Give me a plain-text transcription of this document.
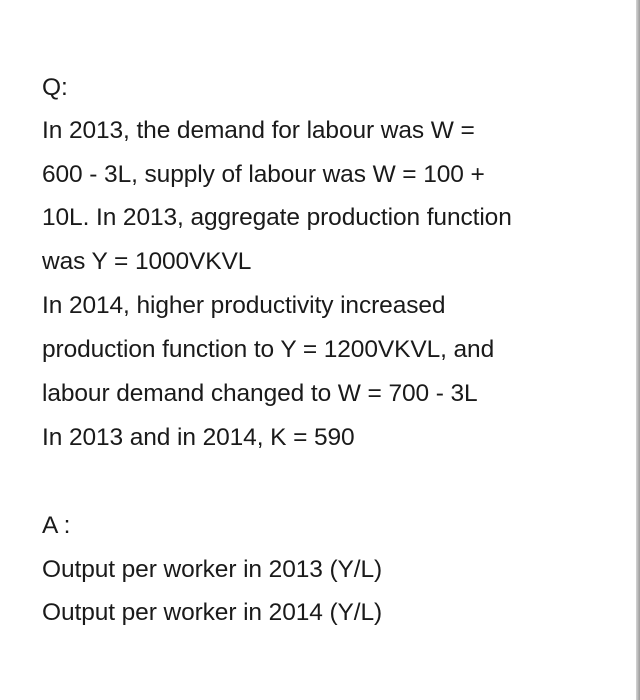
Q:
In 2013, the demand for labour was W =
600 - 3L, supply of labour was W = 100 +
10L. In 2013, aggregate production function
was Y = 1000VKVL
In 2014, higher productivity increased
production function to Y = 1200VKVL, and
labour demand changed to W = 700 - 3L
In 2013 and in 2014, K = 590
A :
Output per worker in 2013 (Y/L)
Output per worker in 2014 (Y/L)
